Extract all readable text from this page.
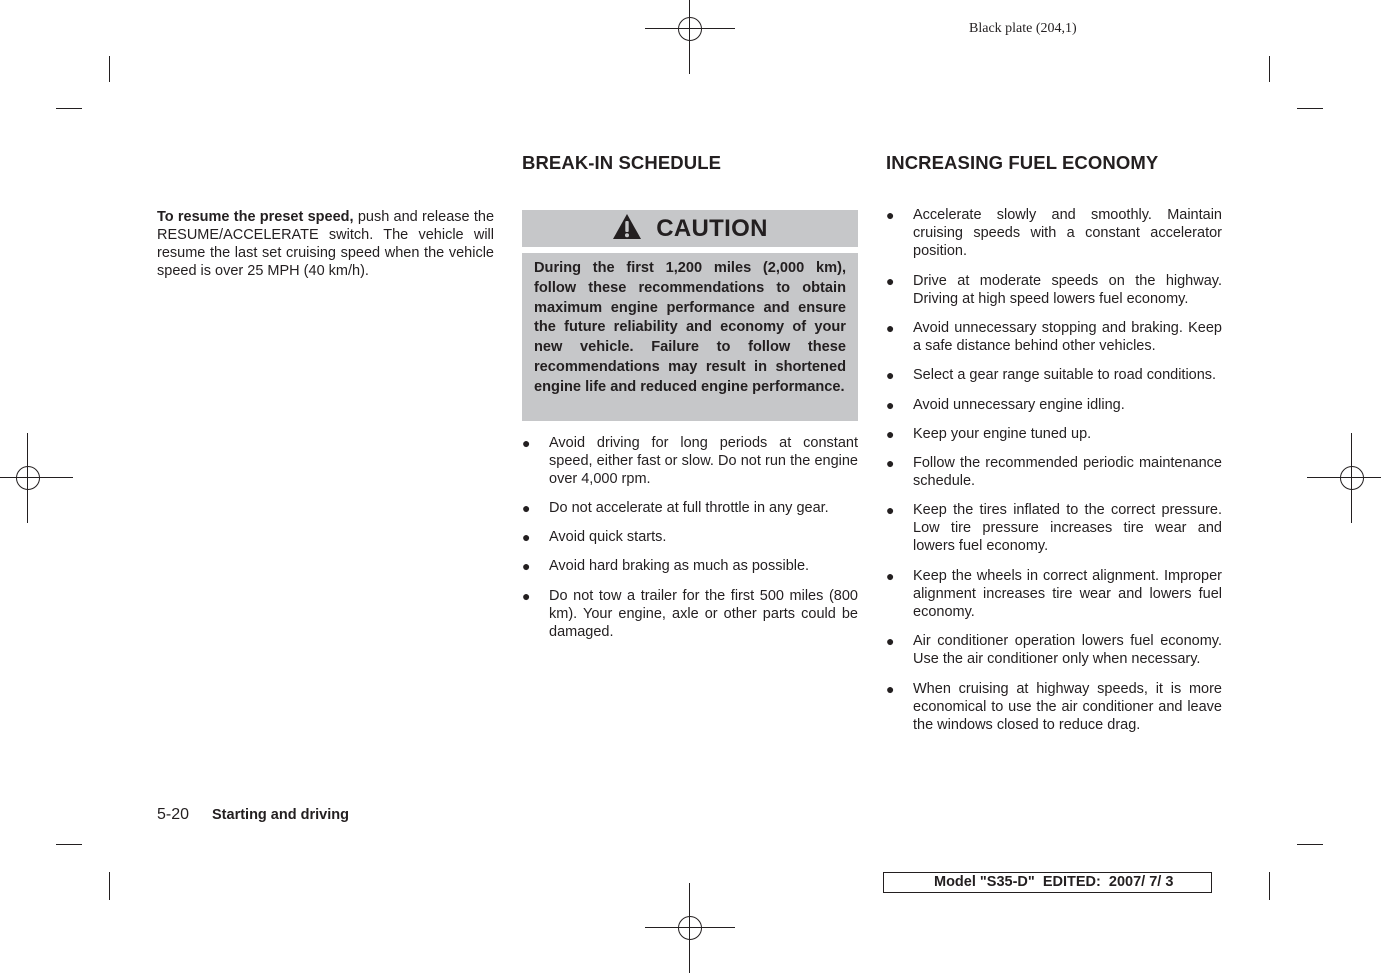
Black plate (204,1)

To resume the preset speed, push and release the RESUME/ACCELERATE switch. The vehicle will resume the last set cruising speed when the vehicle speed is over 25 MPH (40 km/h).

BREAK-IN SCHEDULE
CAUTION

During the first 1,200 miles (2,000 km), follow these recommendations to obtain maximum engine performance and ensure the future reliability and economy of your new vehicle. Failure to follow these recommendations may result in shortened engine life and reduced engine performance.

● Avoid driving for long periods at constant speed, either fast or slow. Do not run the engine over 4,000 rpm.
● Do not accelerate at full throttle in any gear.
● Avoid quick starts.
● Avoid hard braking as much as possible.
● Do not tow a trailer for the first 500 miles (800 km). Your engine, axle or other parts could be damaged.
INCREASING FUEL ECONOMY
● Accelerate slowly and smoothly. Maintain cruising speeds with a constant accelerator position.
● Drive at moderate speeds on the highway. Driving at high speed lowers fuel economy.
● Avoid unnecessary stopping and braking. Keep a safe distance behind other vehicles.
● Select a gear range suitable to road conditions.
● Avoid unnecessary engine idling.
● Keep your engine tuned up.
● Follow the recommended periodic maintenance schedule.
● Keep the tires inflated to the correct pressure. Low tire pressure increases tire wear and lowers fuel economy.
● Keep the wheels in correct alignment. Improper alignment increases tire wear and lowers fuel economy.
● Air conditioner operation lowers fuel economy. Use the air conditioner only when necessary.
● When cruising at highway speeds, it is more economical to use the air conditioner and leave the windows closed to reduce drag.
5-20 Starting and driving
Model "S35-D"  EDITED:  2007/ 7/ 3
